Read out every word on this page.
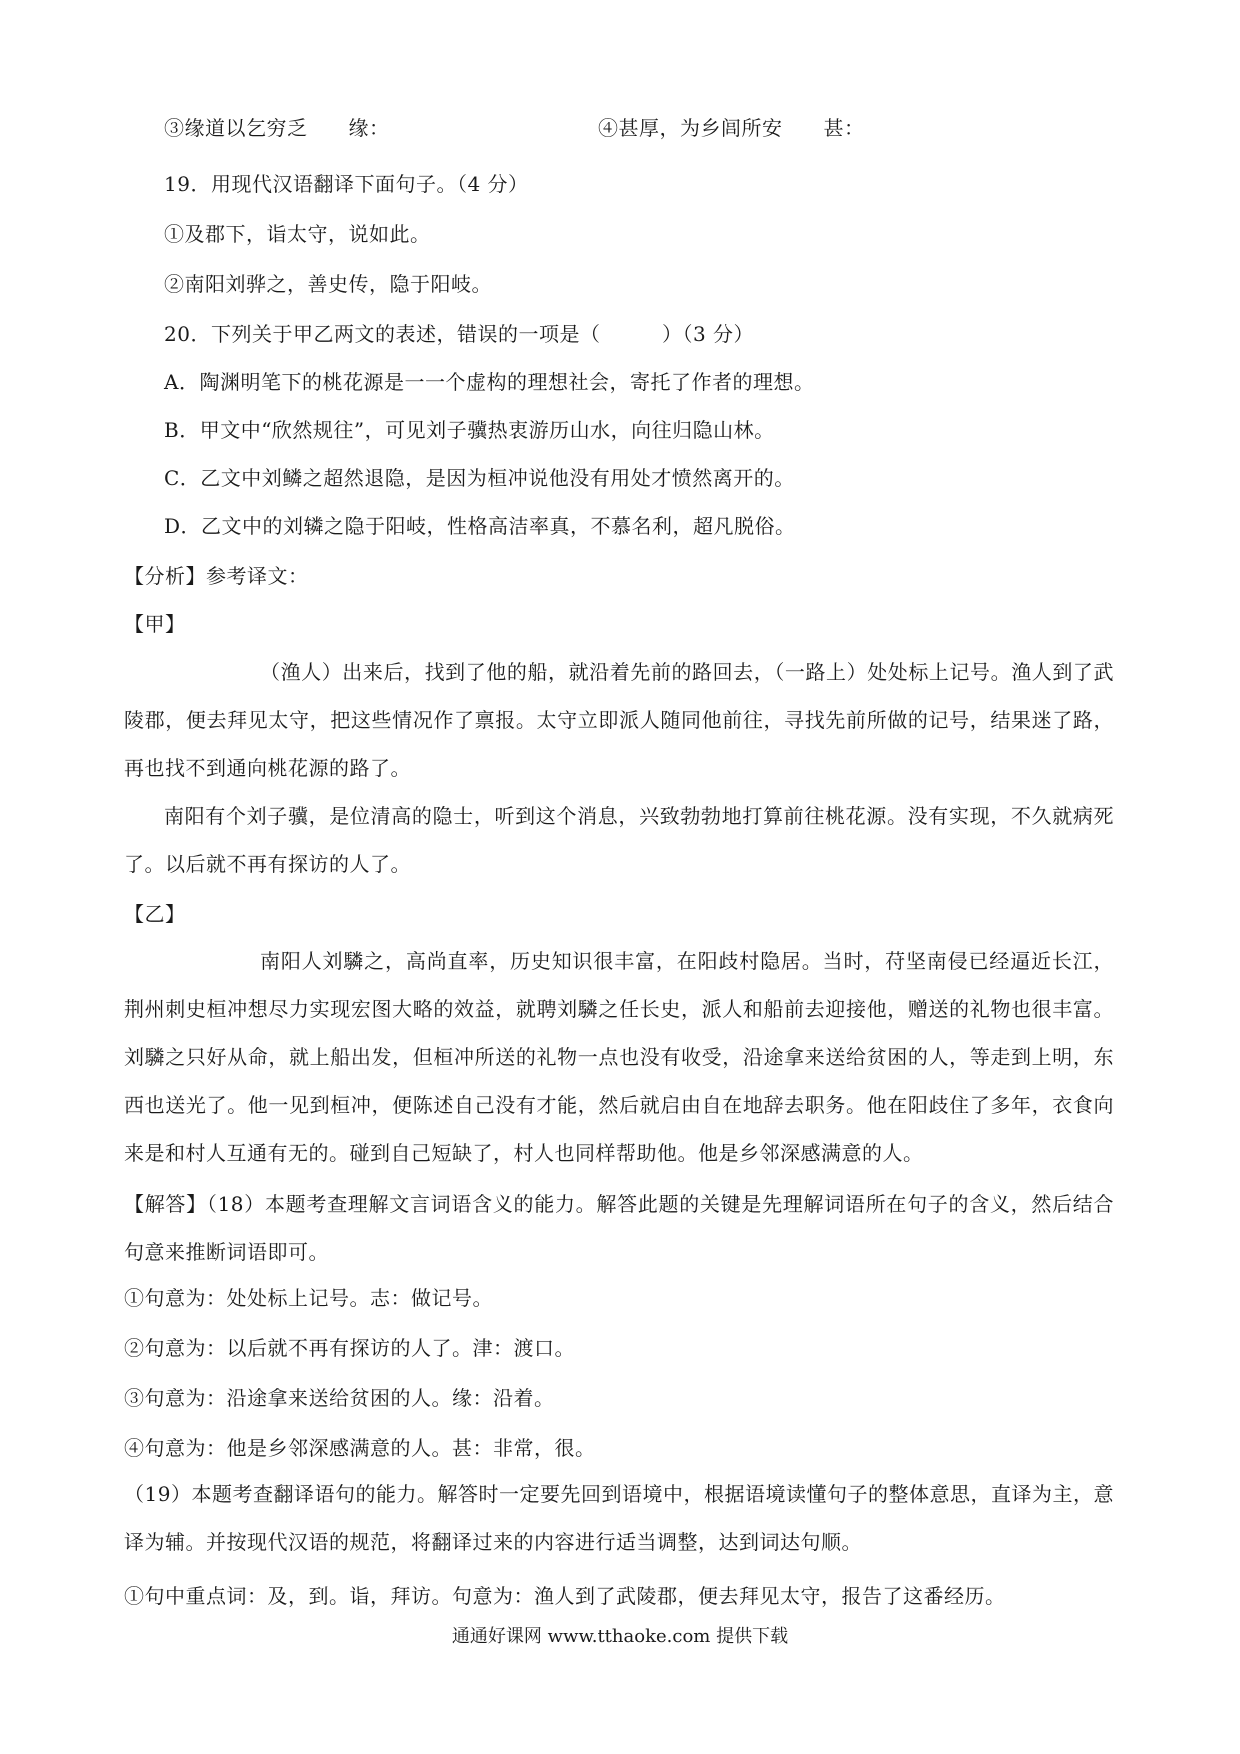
③缘道以乞穷乏　　缘：	④甚厚，为乡闾所安　　甚：
19．用现代汉语翻译下面句子。（4 分）
①及郡下，诣太守，说如此。
②南阳刘骅之，善史传，隐于阳岐。
20．下列关于甲乙两文的表述，错误的一项是（　　　）（3 分）
A．陶渊明笔下的桃花源是一一个虚构的理想社会，寄托了作者的理想。
B．甲文中“欣然规往”，可见刘子骥热衷游历山水，向往归隐山林。
C．乙文中刘鳞之超然退隐，是因为桓冲说他没有用处才愤然离开的。
D．乙文中的刘辚之隐于阳岐，性格高洁率真，不慕名利，超凡脱俗。
【分析】参考译文：
【甲】
（渔人）出来后，找到了他的船，就沿着先前的路回去，（一路上）处处标上记号。渔人到了武陵郡，便去拜见太守，把这些情况作了禀报。太守立即派人随同他前往，寻找先前所做的记号，结果迷了路，再也找不到通向桃花源的路了。
南阳有个刘子骥，是位清高的隐士，听到这个消息，兴致勃勃地打算前往桃花源。没有实现，不久就病死了。以后就不再有探访的人了。
【乙】
南阳人刘驎之，高尚直率，历史知识很丰富，在阳歧村隐居。当时，苻坚南侵已经逼近长江，荆州刺史桓冲想尽力实现宏图大略的效益，就聘刘驎之任长史，派人和船前去迎接他，赠送的礼物也很丰富。刘驎之只好从命，就上船出发，但桓冲所送的礼物一点也没有收受，沿途拿来送给贫困的人，等走到上明，东西也送光了。他一见到桓冲，便陈述自己没有才能，然后就启由自在地辞去职务。他在阳歧住了多年，衣食向来是和村人互通有无的。碰到自己短缺了，村人也同样帮助他。他是乡邻深感满意的人。
【解答】（18）本题考查理解文言词语含义的能力。解答此题的关键是先理解词语所在句子的含义，然后结合句意来推断词语即可。
①句意为：处处标上记号。志：做记号。
②句意为：以后就不再有探访的人了。津：渡口。
③句意为：沿途拿来送给贫困的人。缘：沿着。
④句意为：他是乡邻深感满意的人。甚：非常，很。
（19）本题考查翻译语句的能力。解答时一定要先回到语境中，根据语境读懂句子的整体意思，直译为主，意译为辅。并按现代汉语的规范，将翻译过来的内容进行适当调整，达到词达句顺。
①句中重点词：及，到。诣，拜访。句意为：渔人到了武陵郡，便去拜见太守，报告了这番经历。
通通好课网 www.tthaoke.com 提供下载
